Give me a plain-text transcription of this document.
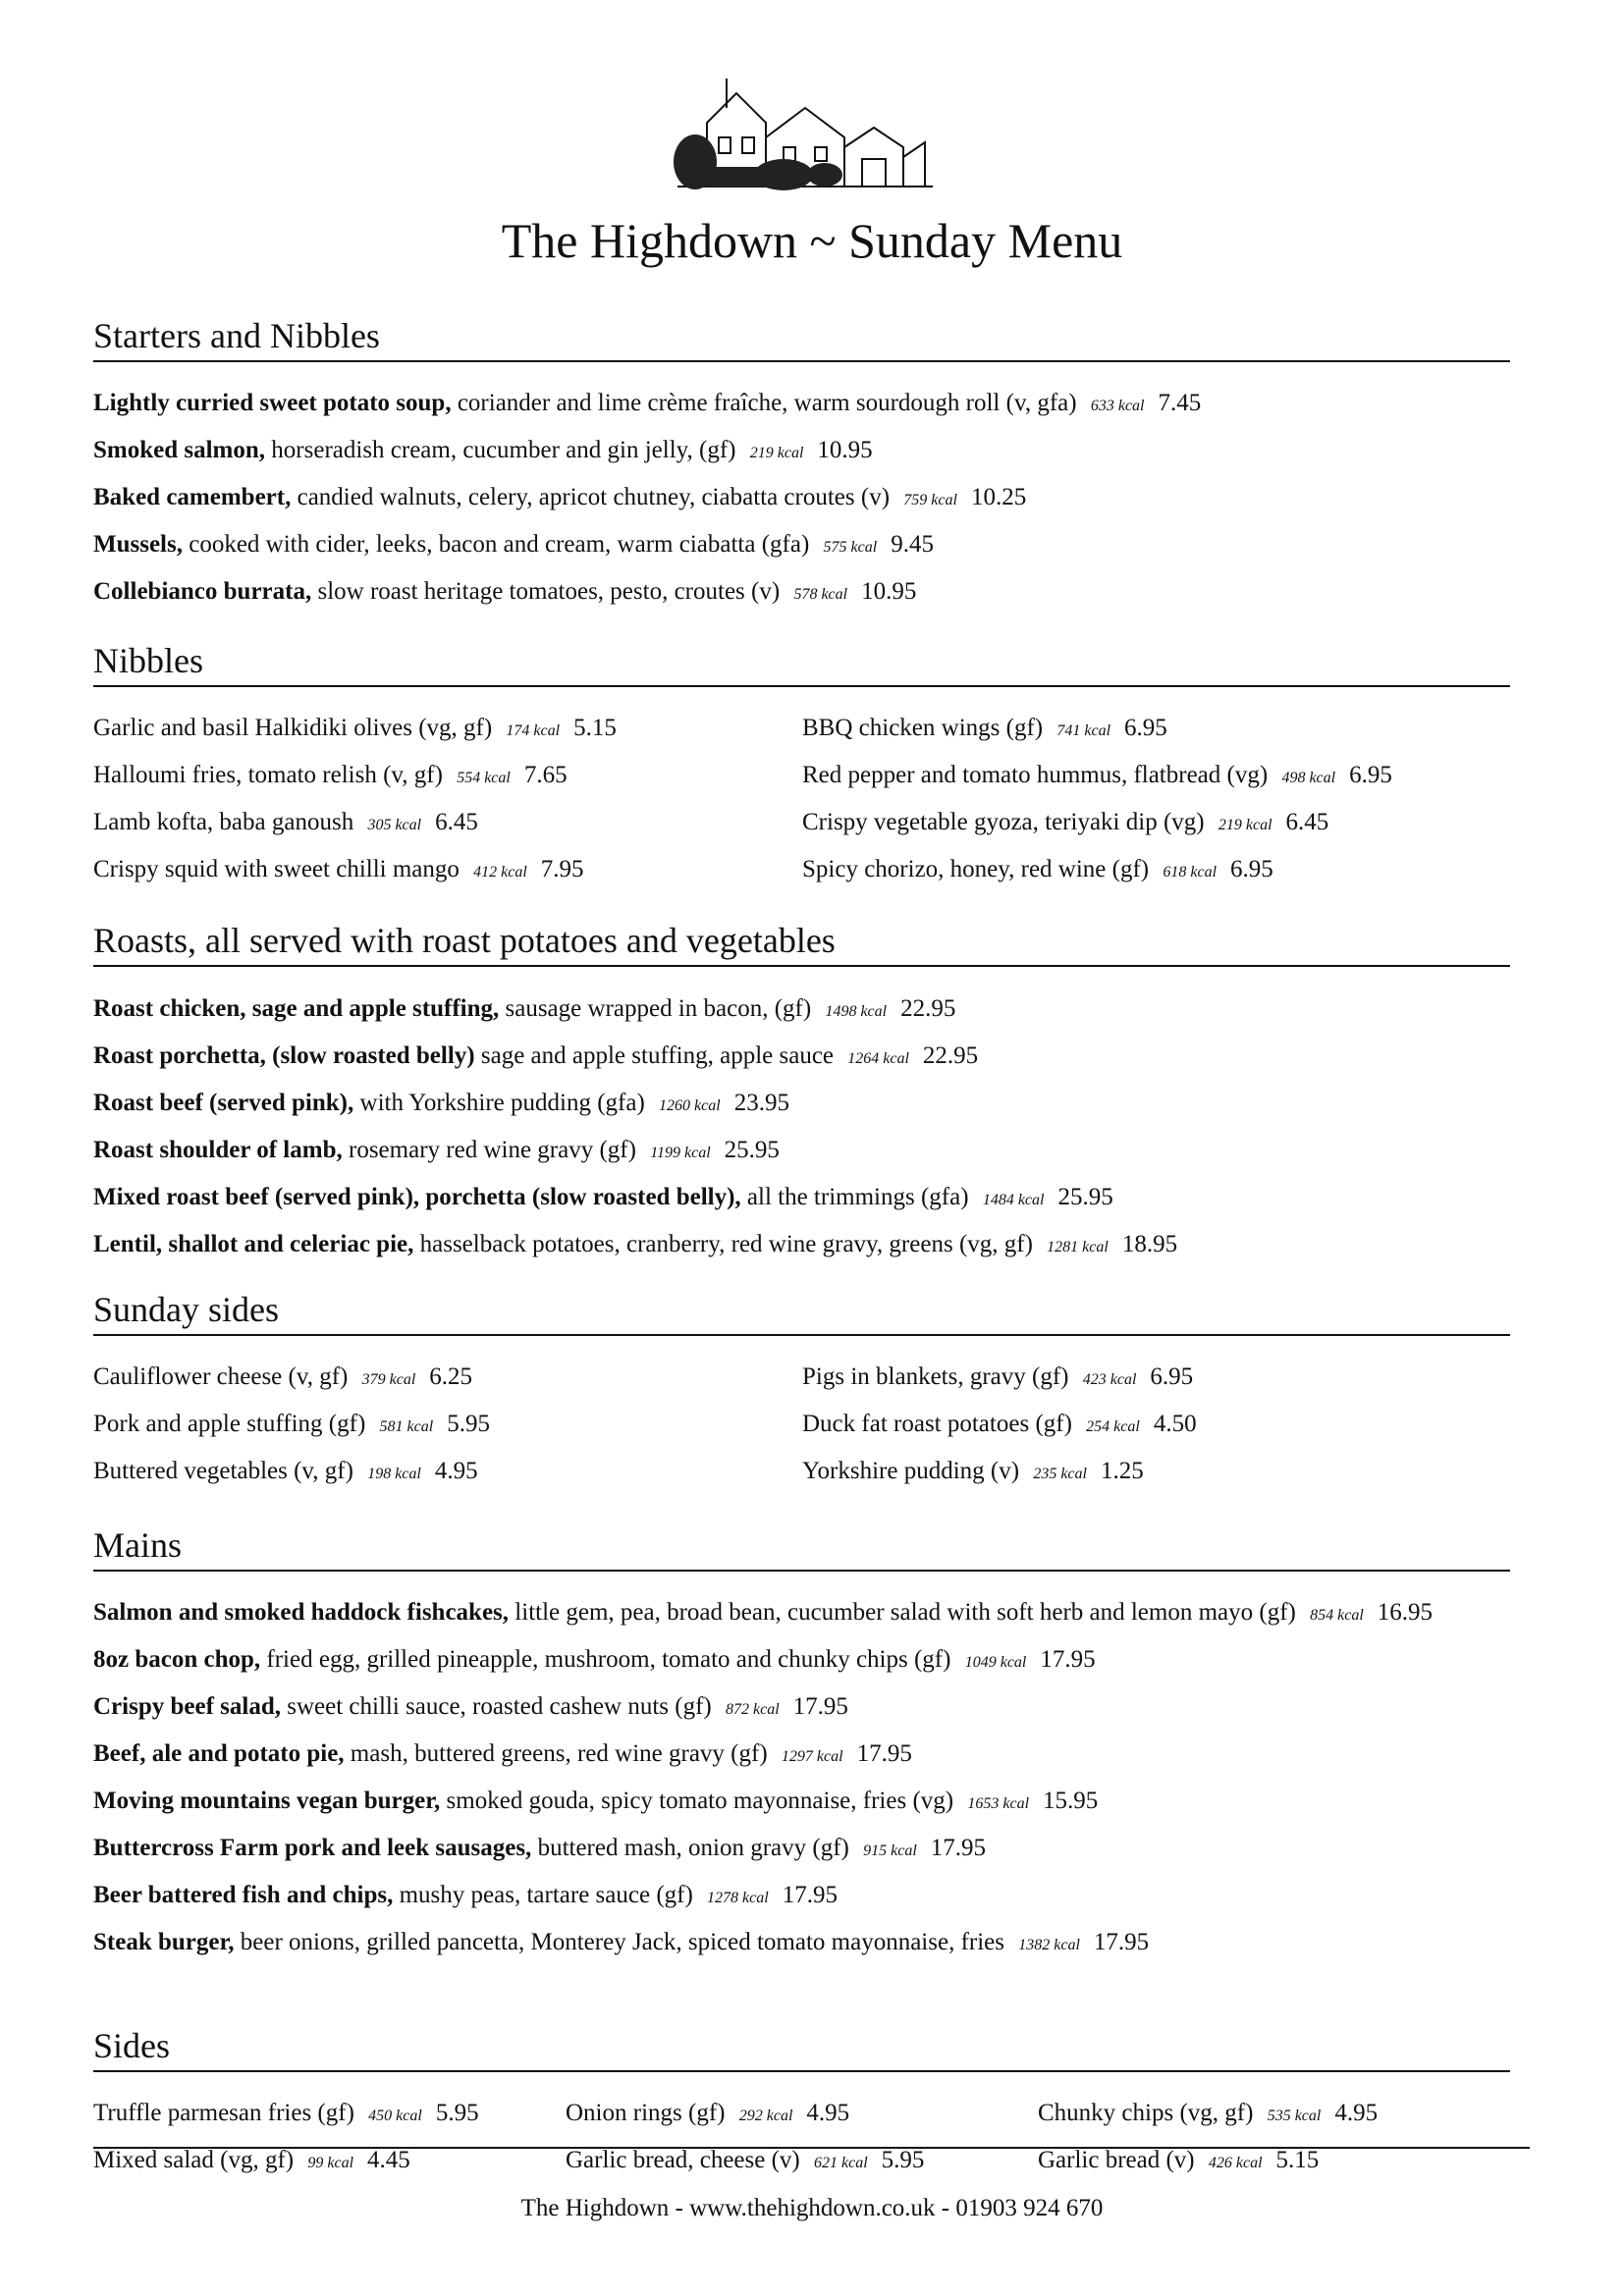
The Highdown ~ Sunday Menu
Starters and Nibbles
Lightly curried sweet potato soup, coriander and lime crème fraîche, warm sourdough roll (v, gfa) 633 kcal 7.45
Smoked salmon, horseradish cream, cucumber and gin jelly, (gf) 219 kcal 10.95
Baked camembert, candied walnuts, celery, apricot chutney, ciabatta croutes (v) 759 kcal 10.25
Mussels, cooked with cider, leeks, bacon and cream, warm ciabatta (gfa) 575 kcal 9.45
Collebianco burrata, slow roast heritage tomatoes, pesto, croutes (v) 578 kcal 10.95
Nibbles
Garlic and basil Halkidiki olives (vg, gf) 174 kcal 5.15	BBQ chicken wings (gf) 741 kcal 6.95
Halloumi fries, tomato relish (v, gf) 554 kcal 7.65	Red pepper and tomato hummus, flatbread (vg) 498 kcal 6.95
Lamb kofta, baba ganoush 305 kcal 6.45	Crispy vegetable gyoza, teriyaki dip (vg) 219 kcal 6.45
Crispy squid with sweet chilli mango 412 kcal 7.95	Spicy chorizo, honey, red wine (gf) 618 kcal 6.95
Roasts, all served with roast potatoes and vegetables
Roast chicken, sage and apple stuffing, sausage wrapped in bacon, (gf) 1498 kcal 22.95
Roast porchetta, (slow roasted belly) sage and apple stuffing, apple sauce 1264 kcal 22.95
Roast beef (served pink), with Yorkshire pudding (gfa) 1260 kcal 23.95
Roast shoulder of lamb, rosemary red wine gravy (gf) 1199 kcal 25.95
Mixed roast beef (served pink), porchetta (slow roasted belly), all the trimmings (gfa) 1484 kcal 25.95
Lentil, shallot and celeriac pie, hasselback potatoes, cranberry, red wine gravy, greens (vg, gf) 1281 kcal 18.95
Sunday sides
Cauliflower cheese (v, gf) 379 kcal 6.25	Pigs in blankets, gravy (gf) 423 kcal 6.95
Pork and apple stuffing (gf) 581 kcal 5.95	Duck fat roast potatoes (gf) 254 kcal 4.50
Buttered vegetables (v, gf) 198 kcal 4.95	Yorkshire pudding (v) 235 kcal 1.25
Mains
Salmon and smoked haddock fishcakes, little gem, pea, broad bean, cucumber salad with soft herb and lemon mayo (gf) 854 kcal 16.95
8oz bacon chop, fried egg, grilled pineapple, mushroom, tomato and chunky chips (gf) 1049 kcal 17.95
Crispy beef salad, sweet chilli sauce, roasted cashew nuts (gf) 872 kcal 17.95
Beef, ale and potato pie, mash, buttered greens, red wine gravy (gf) 1297 kcal 17.95
Moving mountains vegan burger, smoked gouda, spicy tomato mayonnaise, fries (vg) 1653 kcal 15.95
Buttercross Farm pork and leek sausages, buttered mash, onion gravy (gf) 915 kcal 17.95
Beer battered fish and chips, mushy peas, tartare sauce (gf) 1278 kcal 17.95
Steak burger, beer onions, grilled pancetta, Monterey Jack, spiced tomato mayonnaise, fries 1382 kcal 17.95
Sides
Truffle parmesan fries (gf) 450 kcal 5.95	Onion rings (gf) 292 kcal 4.95	Chunky chips (vg, gf) 535 kcal 4.95
Mixed salad (vg, gf) 99 kcal 4.45	Garlic bread, cheese (v) 621 kcal 5.95	Garlic bread (v) 426 kcal 5.15
The Highdown - www.thehighdown.co.uk - 01903 924 670
